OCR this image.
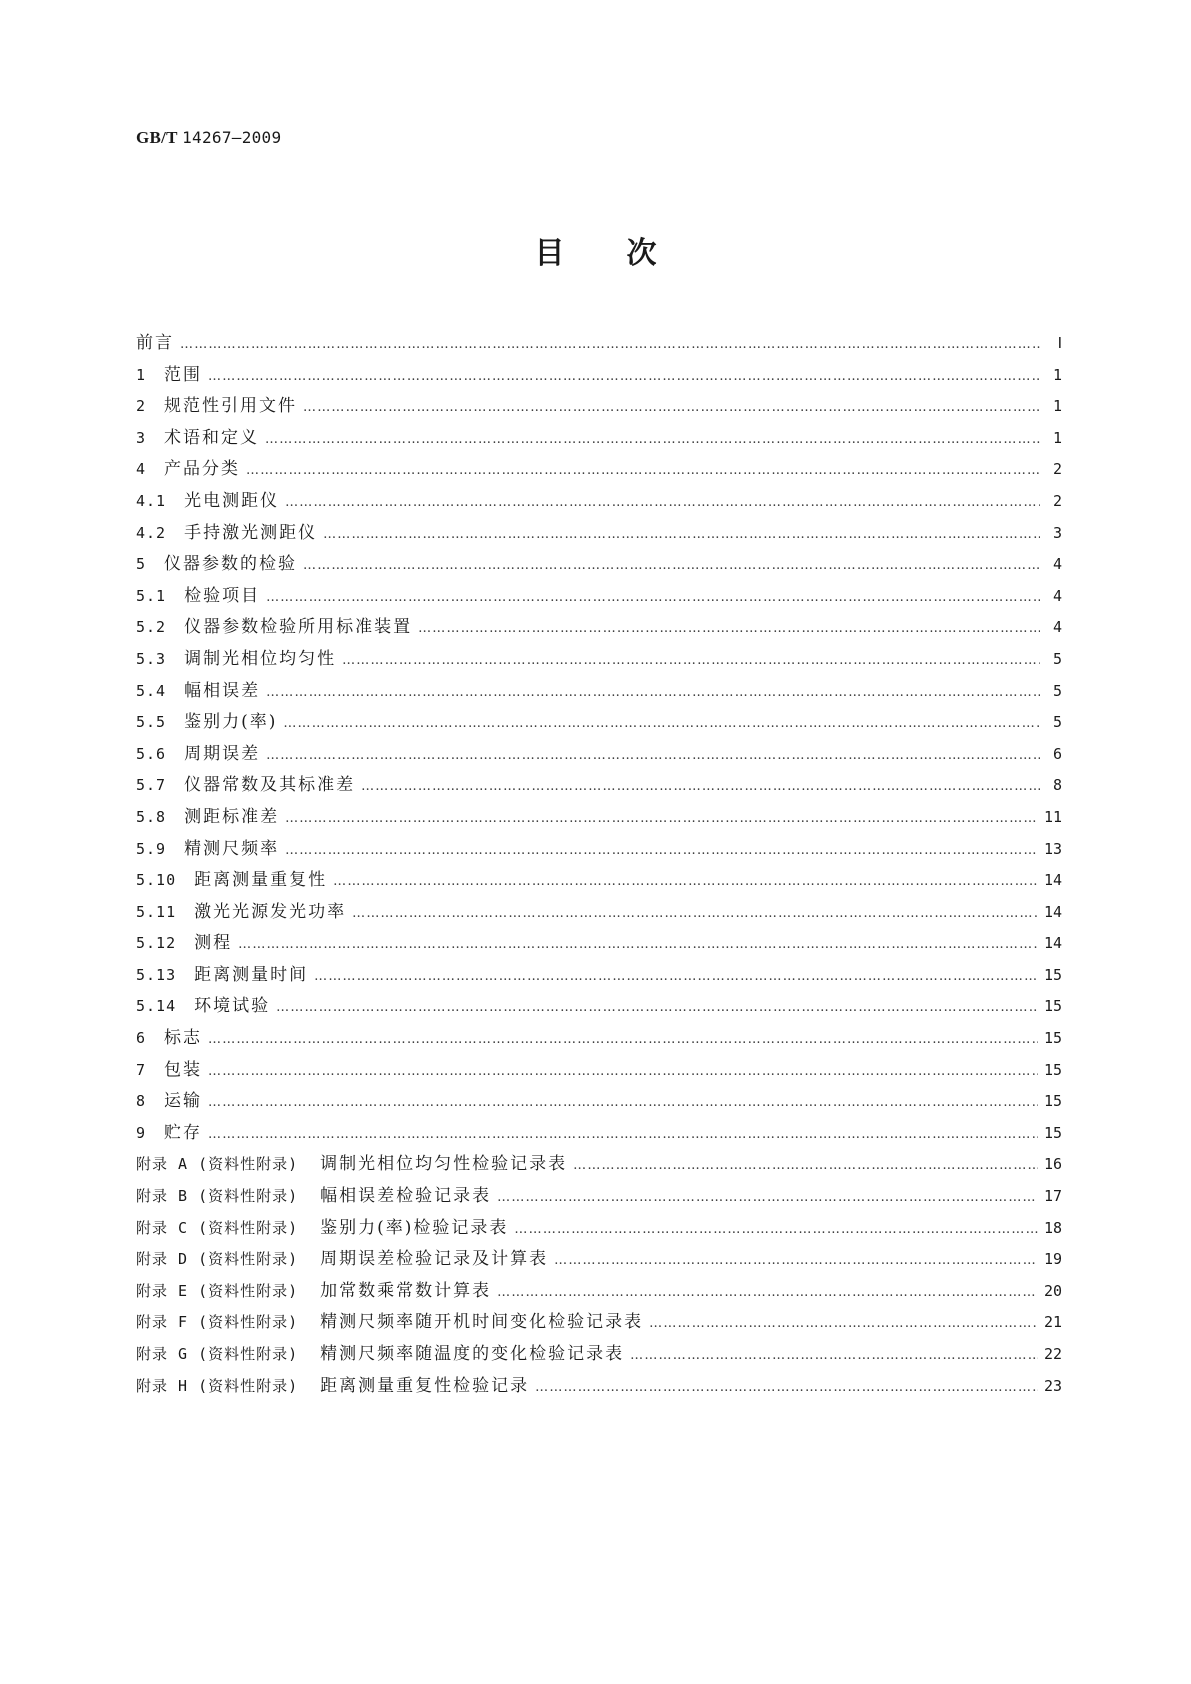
GB/T 14267—2009
目次
前言 ………………………………………………………………………………………………………………………………………………………………………………………………………………	Ⅰ
1 范围 ………………………………………………………………………………………………………………………………………………………………………………………………………………	1
2 规范性引用文件 ………………………………………………………………………………………………………………………………………………………………………………………………………………	1
3 术语和定义 ………………………………………………………………………………………………………………………………………………………………………………………………………………	1
4 产品分类 ………………………………………………………………………………………………………………………………………………………………………………………………………………	2
4.1 光电测距仪 ………………………………………………………………………………………………………………………………………………………………………………………………………………	2
4.2 手持激光测距仪 ………………………………………………………………………………………………………………………………………………………………………………………………………………	3
5 仪器参数的检验 ………………………………………………………………………………………………………………………………………………………………………………………………………………	4
5.1 检验项目 ………………………………………………………………………………………………………………………………………………………………………………………………………………	4
5.2 仪器参数检验所用标准装置 ………………………………………………………………………………………………………………………………………………………………………………………………………………	4
5.3 调制光相位均匀性 ………………………………………………………………………………………………………………………………………………………………………………………………………………	5
5.4 幅相误差 ………………………………………………………………………………………………………………………………………………………………………………………………………………	5
5.5 鉴别力(率) ………………………………………………………………………………………………………………………………………………………………………………………………………………	5
5.6 周期误差 ………………………………………………………………………………………………………………………………………………………………………………………………………………	6
5.7 仪器常数及其标准差 ………………………………………………………………………………………………………………………………………………………………………………………………………………	8
5.8 测距标准差 ………………………………………………………………………………………………………………………………………………………………………………………………………………	11
5.9 精测尺频率 ………………………………………………………………………………………………………………………………………………………………………………………………………………	13
5.10 距离测量重复性 ………………………………………………………………………………………………………………………………………………………………………………………………………………	14
5.11 激光光源发光功率 ………………………………………………………………………………………………………………………………………………………………………………………………………………	14
5.12 测程 ………………………………………………………………………………………………………………………………………………………………………………………………………………	14
5.13 距离测量时间 ………………………………………………………………………………………………………………………………………………………………………………………………………………	15
5.14 环境试验 ………………………………………………………………………………………………………………………………………………………………………………………………………………	15
6 标志 ………………………………………………………………………………………………………………………………………………………………………………………………………………	15
7 包装 ………………………………………………………………………………………………………………………………………………………………………………………………………………	15
8 运输 ………………………………………………………………………………………………………………………………………………………………………………………………………………	15
9 贮存 ………………………………………………………………………………………………………………………………………………………………………………………………………………	15
附录 A (资料性附录) 调制光相位均匀性检验记录表 ………………………………………………………………………………………………………………………………………………………………………………………………………………	16
附录 B (资料性附录) 幅相误差检验记录表 ………………………………………………………………………………………………………………………………………………………………………………………………………………	17
附录 C (资料性附录) 鉴别力(率)检验记录表 ………………………………………………………………………………………………………………………………………………………………………………………………………………	18
附录 D (资料性附录) 周期误差检验记录及计算表 ………………………………………………………………………………………………………………………………………………………………………………………………………………	19
附录 E (资料性附录) 加常数乘常数计算表 ………………………………………………………………………………………………………………………………………………………………………………………………………………	20
附录 F (资料性附录) 精测尺频率随开机时间变化检验记录表 ………………………………………………………………………………………………………………………………………………………………………………………………………………	21
附录 G (资料性附录) 精测尺频率随温度的变化检验记录表 ………………………………………………………………………………………………………………………………………………………………………………………………………………	22
附录 H (资料性附录) 距离测量重复性检验记录 ………………………………………………………………………………………………………………………………………………………………………………………………………………	23
